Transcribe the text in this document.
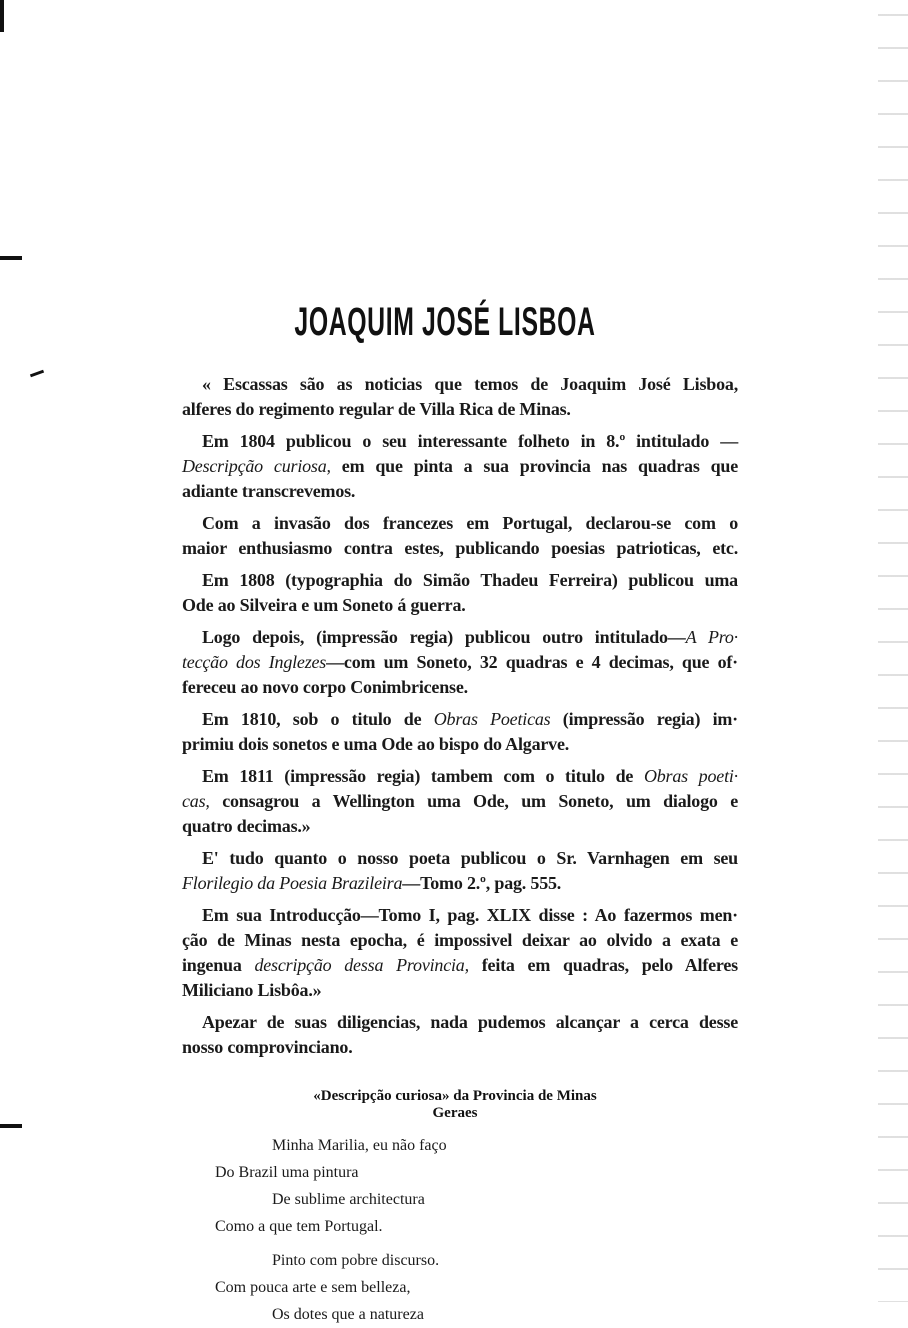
JOAQUIM JOSÉ LISBOA
« Escassas são as noticias que temos de Joaquim José Lisboa,
alferes do regimento regular de Villa Rica de Minas.
Em 1804 publicou o seu interessante folheto in 8.º intitulado —
Descripção curiosa, em que pinta a sua provincia nas quadras que
adiante transcrevemos.
Com a invasão dos francezes em Portugal, declarou-se com o
maior enthusiasmo contra estes, publicando poesias patrioticas, etc.
Em 1808 (typographia do Simão Thadeu Ferreira) publicou uma
Ode ao Silveira e um Soneto á guerra.
Logo depois, (impressão regia) publicou outro intitulado—A Pro·
tecção dos Inglezes—com um Soneto, 32 quadras e 4 decimas, que of·
fereceu ao novo corpo Conimbricense.
Em 1810, sob o titulo de Obras Poeticas (impressão regia) im·
primiu dois sonetos e uma Ode ao bispo do Algarve.
Em 1811 (impressão regia) tambem com o titulo de Obras poeti·
cas, consagrou a Wellington uma Ode, um Soneto, um dialogo e
quatro decimas.»
E' tudo quanto o nosso poeta publicou o Sr. Varnhagen em seu
Florilegio da Poesia Brazileira—Tomo 2.º, pag. 555.
Em sua Introducção—Tomo I, pag. XLIX disse : Ao fazermos men·
ção de Minas nesta epocha, é impossivel deixar ao olvido a exata e
ingenua descripção dessa Provincia, feita em quadras, pelo Alferes
Miliciano Lisbôa.»
Apezar de suas diligencias, nada pudemos alcançar a cerca desse
nosso comprovinciano.
«Descripção curiosa» da Provincia de Minas
Geraes
Minha Marilia, eu não faço
Do Brazil uma pintura
De sublime architectura
Como a que tem Portugal.
Pinto com pobre discurso.
Com pouca arte e sem belleza,
Os dotes que a natureza
